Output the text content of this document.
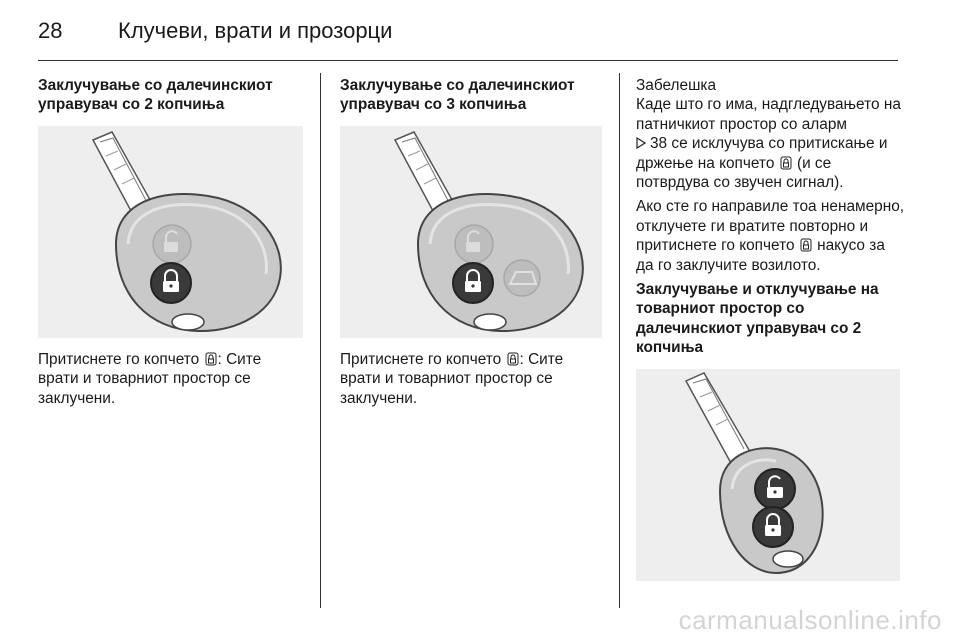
28	Клучеви, врати и прозорци

Заклучување со далечинскиот управувач со 2 копчиња

Притиснете го копчето : Сите врати и товарниот простор се заклучени.

Заклучување со далечинскиот управувач со 3 копчиња

Притиснете го копчето : Сите врати и товарниот простор се заклучени.

Забелешка

Каде што го има, надгледувањето на патничкиот простор со аларм
38 се исклучува со притискање и држење на копчето (и се потврдува со звучен сигнал).

Ако сте го направиле тоа ненамерно, отклучете ги вратите повторно и притиснете го копчето накусо за да го заклучите возилото.

Заклучување и отклучување на товарниот простор со далечинскиот управувач со 2 копчиња

carmanualsonline.info
